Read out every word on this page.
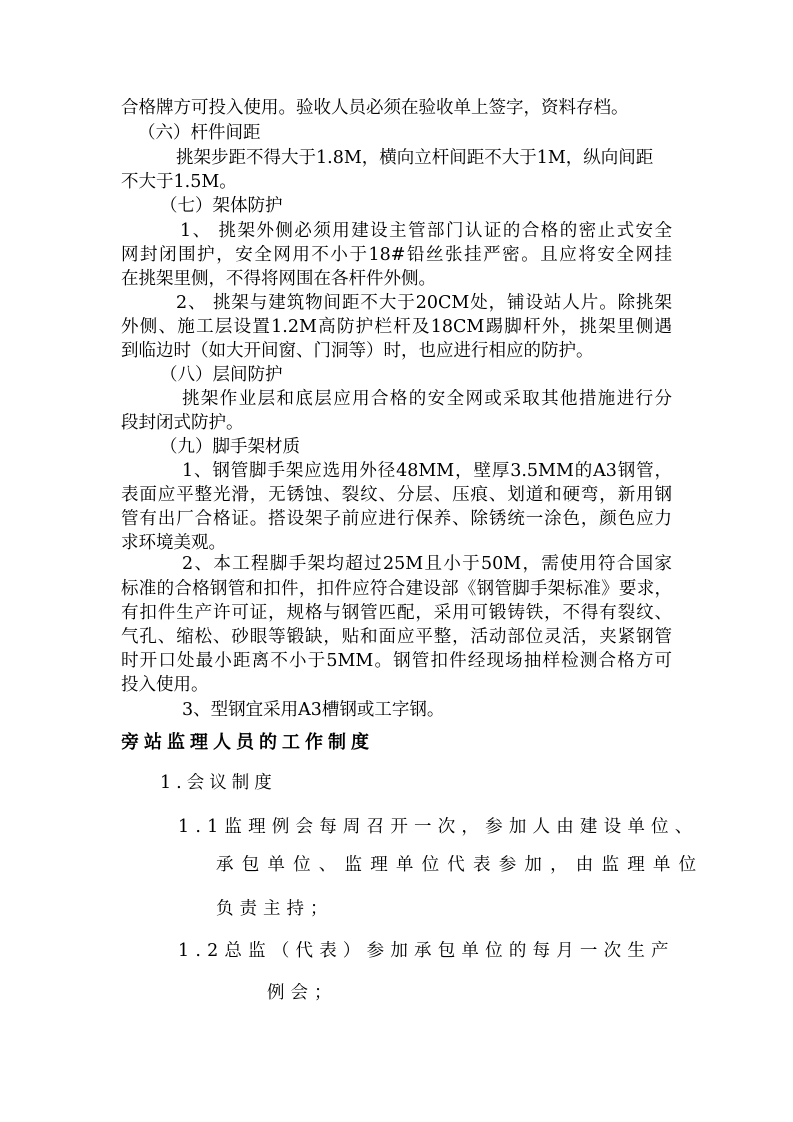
合格牌方可投入使用。验收人员必须在验收单上签字，资料存档。
（六）杆件间距
挑架步距不得大于1.8M，横向立杆间距不大于1M，纵向间距
不大于1.5M。
（七）架体防护
1、 挑架外侧必须用建设主管部门认证的合格的密止式安全
网封闭围护，安全网用不小于18#铅丝张挂严密。且应将安全网挂
在挑架里侧，不得将网围在各杆件外侧。
2、 挑架与建筑物间距不大于20CM处，铺设站人片。除挑架
外侧、施工层设置1.2M高防护栏杆及18CM踢脚杆外，挑架里侧遇
到临边时（如大开间窗、门洞等）时，也应进行相应的防护。
（八）层间防护
挑架作业层和底层应用合格的安全网或采取其他措施进行分
段封闭式防护。
（九）脚手架材质
1、钢管脚手架应选用外径48MM，壁厚3.5MM的A3钢管，
表面应平整光滑，无锈蚀、裂纹、分层、压痕、划道和硬弯，新用钢
管有出厂合格证。搭设架子前应进行保养、除锈统一涂色，颜色应力
求环境美观。
2、本工程脚手架均超过25M且小于50M，需使用符合国家
标准的合格钢管和扣件，扣件应符合建设部《钢管脚手架标准》要求，
有扣件生产许可证，规格与钢管匹配，采用可锻铸铁，不得有裂纹、
气孔、缩松、砂眼等锻缺，贴和面应平整，活动部位灵活，夹紧钢管
时开口处最小距离不小于5MM。钢管扣件经现场抽样检测合格方可
投入使用。
3、型钢宜采用A3槽钢或工字钢。
旁站监理人员的工作制度
1.会议制度
1.1监理例会每周召开一次，参加人由建设单位、
承包单位、监理单位代表参加，由监理单位
负责主持；
1.2总监（代表）参加承包单位的每月一次生产
例会；
